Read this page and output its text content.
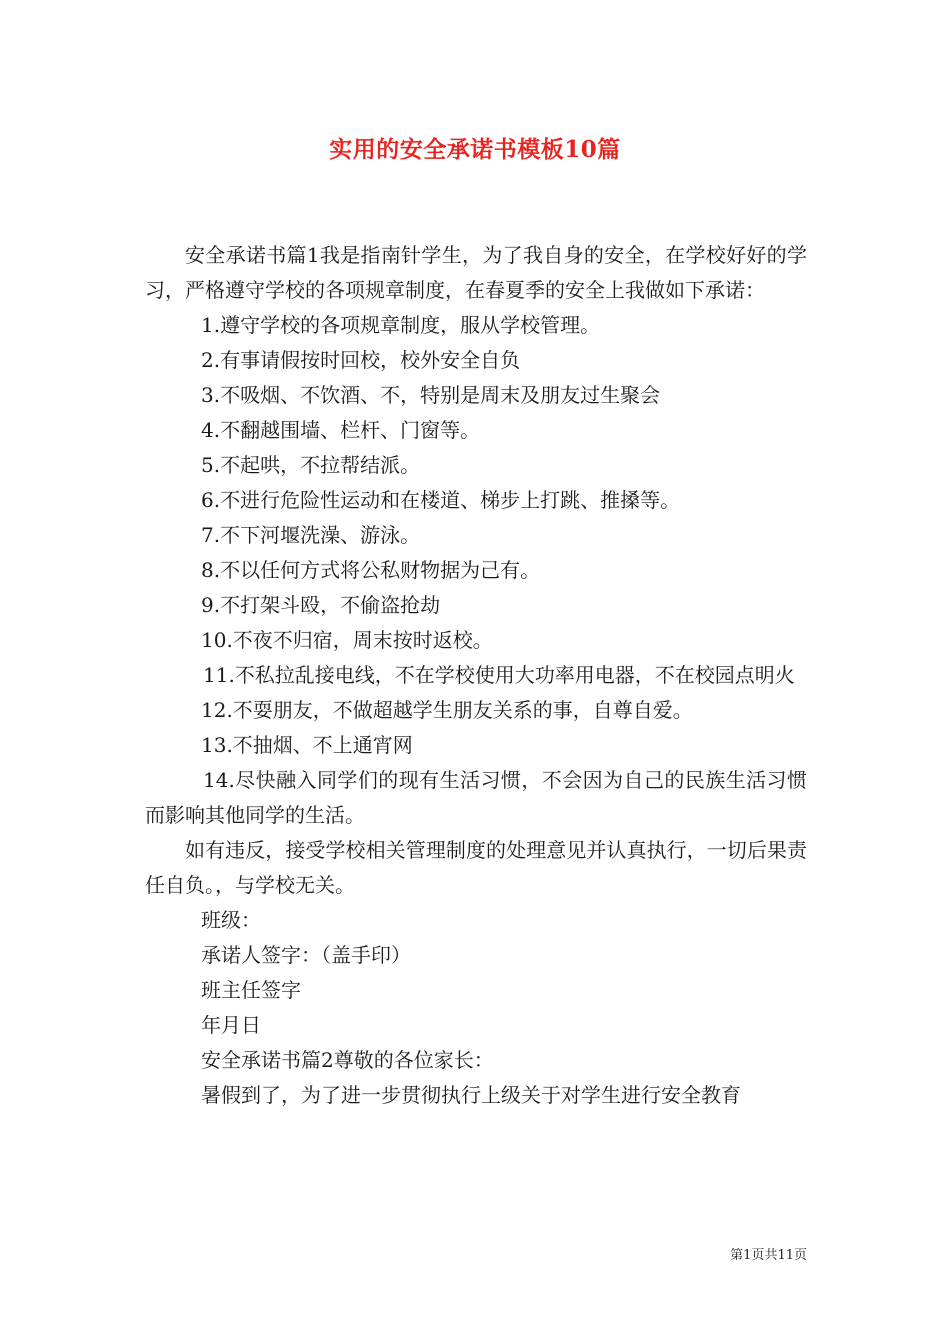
实用的安全承诺书模板10篇

安全承诺书篇1我是指南针学生，为了我自身的安全，在学校好好的学习，严格遵守学校的各项规章制度，在春夏季的安全上我做如下承诺：

1.遵守学校的各项规章制度，服从学校管理。

2.有事请假按时回校，校外安全自负

3.不吸烟、不饮酒、不，特别是周末及朋友过生聚会

4.不翻越围墙、栏杆、门窗等。

5.不起哄，不拉帮结派。

6.不进行危险性运动和在楼道、梯步上打跳、推搡等。

7.不下河堰洗澡、游泳。

8.不以任何方式将公私财物据为己有。

9.不打架斗殴，不偷盗抢劫

10.不夜不归宿，周末按时返校。

11.不私拉乱接电线，不在学校使用大功率用电器，不在校园点明火

12.不耍朋友，不做超越学生朋友关系的事，自尊自爱。

13.不抽烟、不上通宵网

14.尽快融入同学们的现有生活习惯，不会因为自己的民族生活习惯而影响其他同学的生活。

如有违反，接受学校相关管理制度的处理意见并认真执行，一切后果责任自负。，与学校无关。

班级：

承诺人签字：（盖手印）

班主任签字

年月日

安全承诺书篇2尊敬的各位家长：

暑假到了，为了进一步贯彻执行上级关于对学生进行安全教育

第1页共11页
